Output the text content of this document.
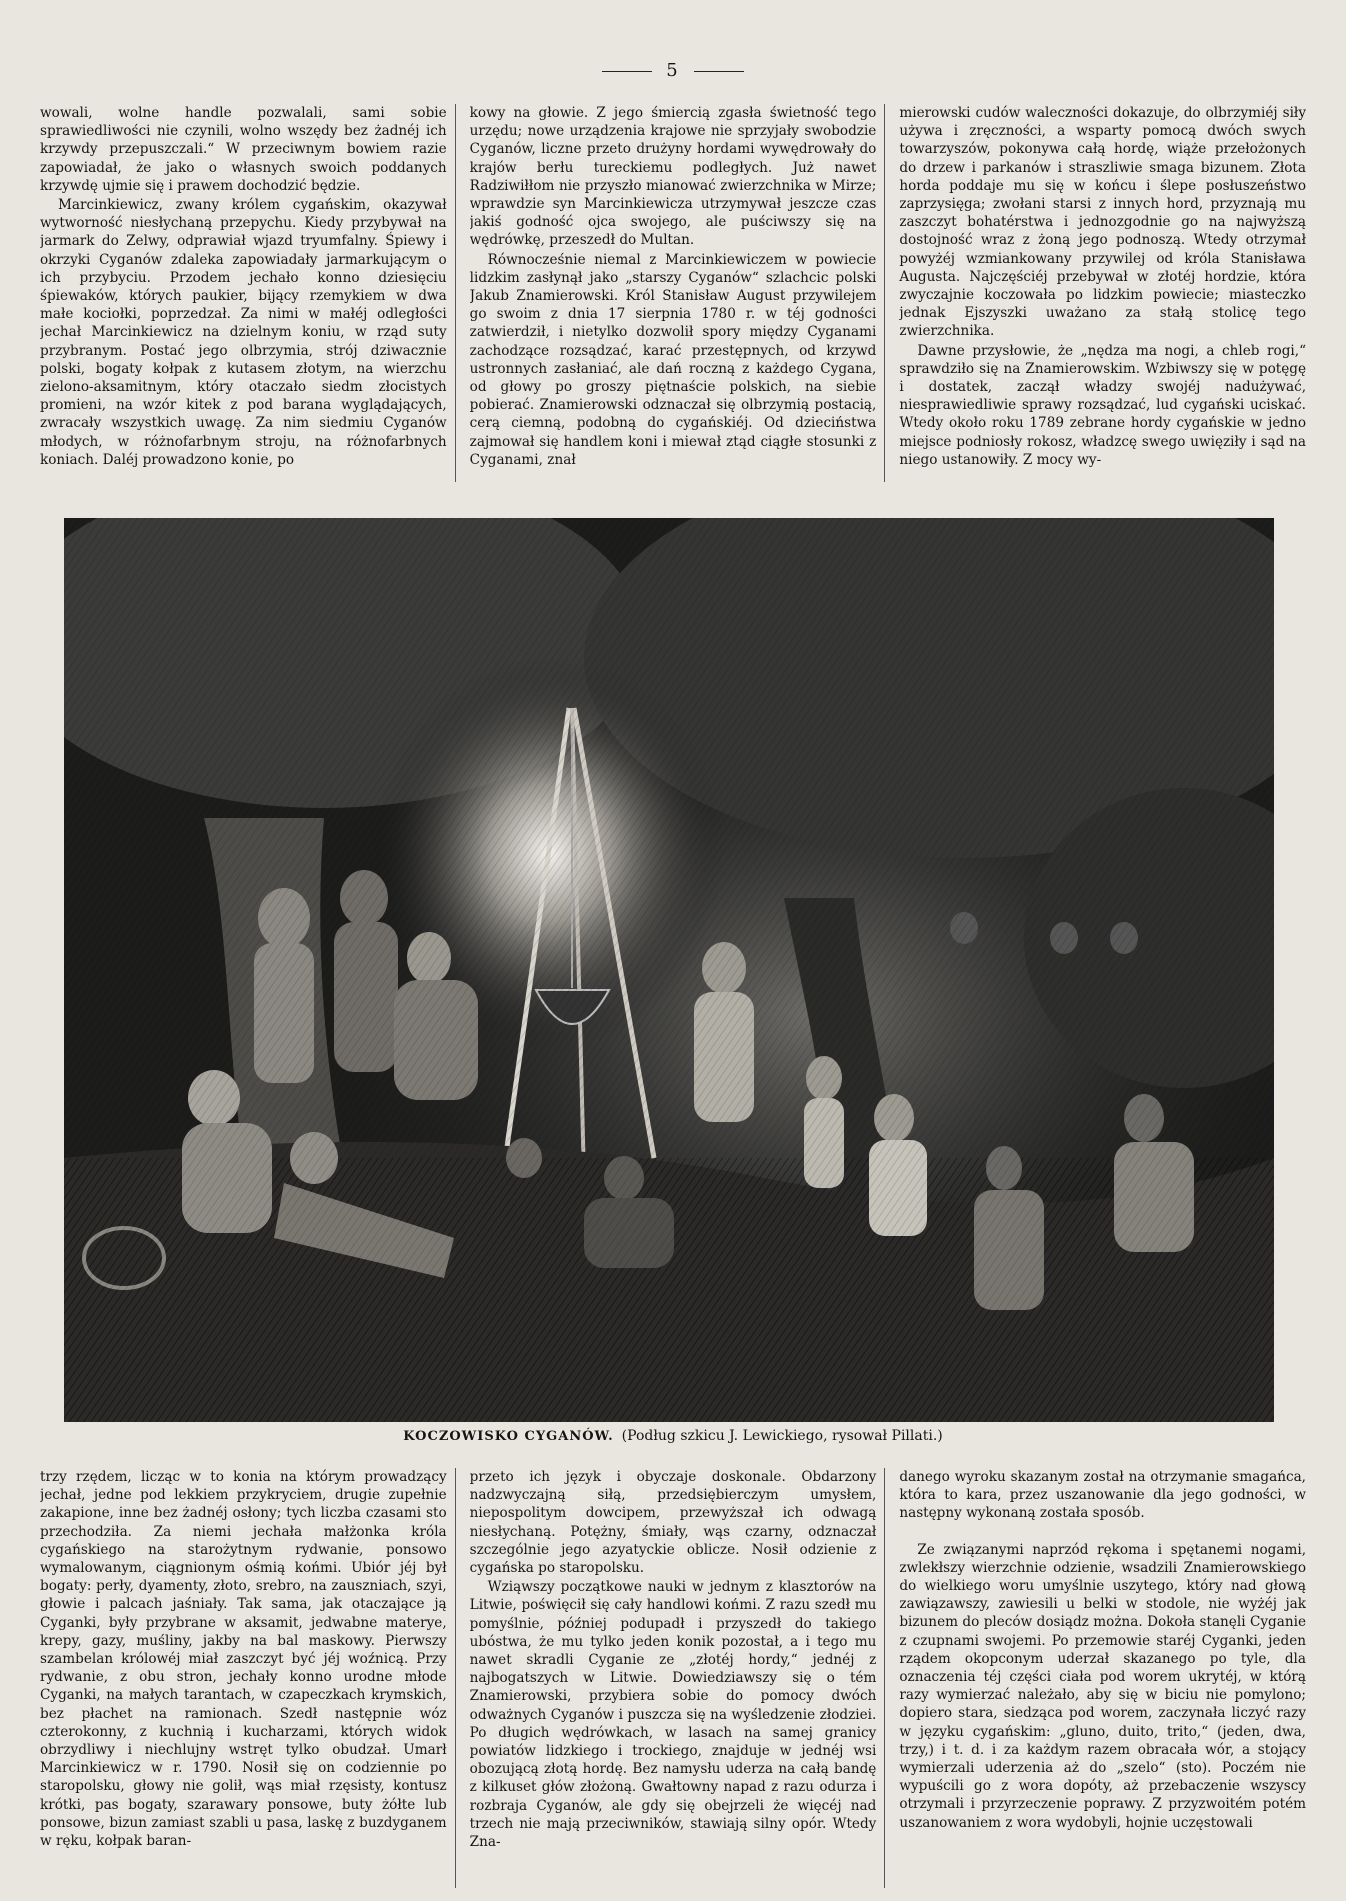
5

wowali, wolne handle pozwalali, sami sobie sprawiedliwości nie czynili, wolno wszędy bez żadnéj ich krzywdy przepuszczali.“ W przeciwnym bowiem razie zapowiadał, że jako o własnych swoich poddanych krzywdę ujmie się i prawem dochodzić będzie.

Marcinkiewicz, zwany królem cygańskim, okazywał wytworność niesłychaną przepychu. Kiedy przybywał na jarmark do Zelwy, odprawiał wjazd tryumfalny. Śpiewy i okrzyki Cyganów zdaleka zapowiadały jarmarkującym o ich przybyciu. Przodem jechało konno dziesięciu śpiewaków, których paukier, bijący rzemykiem w dwa małe kociołki, poprzedzał. Za nimi w małéj odległości jechał Marcinkiewicz na dzielnym koniu, w rząd suty przybranym. Postać jego olbrzymia, strój dziwacznie polski, bogaty kołpak z kutasem złotym, na wierzchu zielono-aksamitnym, który otaczało siedm złocistych promieni, na wzór kitek z pod barana wyglądających, zwracały wszystkich uwagę. Za nim siedmiu Cyganów młodych, w różnofarbnym stroju, na różnofarbnych koniach. Daléj prowadzono konie, po

kowy na głowie. Z jego śmiercią zgasła świetność tego urzędu; nowe urządzenia krajowe nie sprzyjały swobodzie Cyganów, liczne przeto drużyny hordami wywędrowały do krajów berłu tureckiemu podległych. Już nawet Radziwiłłom nie przyszło mianować zwierzchnika w Mirze; wprawdzie syn Marcinkiewicza utrzymywał jeszcze czas jakiś godność ojca swojego, ale puściwszy się na wędrówkę, przeszedł do Multan.

Równocześnie niemal z Marcinkiewiczem w powiecie lidzkim zasłynął jako „starszy Cyganów“ szlachcic polski Jakub Znamierowski. Król Stanisław August przywilejem go swoim z dnia 17 sierpnia 1780 r. w téj godności zatwierdził, i nietylko dozwolił spory między Cyganami zachodzące rozsądzać, karać przestępnych, od krzywd ustronnych zasłaniać, ale dań roczną z każdego Cygana, od głowy po groszy piętnaście polskich, na siebie pobierać. Znamierowski odznaczał się olbrzymią postacią, cerą ciemną, podobną do cygańskiéj. Od dzieciństwa zajmował się handlem koni i miewał ztąd ciągłe stosunki z Cyganami, znał

mierowski cudów waleczności dokazuje, do olbrzymiéj siły używa i zręczności, a wsparty pomocą dwóch swych towarzyszów, pokonywa całą hordę, wiąże przełożonych do drzew i parkanów i straszliwie smaga bizunem. Złota horda poddaje mu się w końcu i ślepe posłuszeństwo zaprzysięga; zwołani starsi z innych hord, przyznają mu zaszczyt bohatérstwa i jednozgodnie go na najwyższą dostojność wraz z żoną jego podnoszą. Wtedy otrzymał powyżéj wzmiankowany przywilej od króla Stanisława Augusta. Najczęściéj przebywał w złotéj hordzie, która zwyczajnie koczowała po lidzkim powiecie; miasteczko jednak Ejszyszki uważano za stałą stolicę tego zwierzchnika.

Dawne przysłowie, że „nędza ma nogi, a chleb rogi,“ sprawdziło się na Znamierowskim. Wzbiwszy się w potęgę i dostatek, zaczął władzy swojéj nadużywać, niesprawiedliwie sprawy rozsądzać, lud cygański uciskać. Wtedy około roku 1789 zebrane hordy cygańskie w jedno miejsce podniosły rokosz, władzcę swego uwięziły i sąd na niego ustanowiły. Z mocy wy-

KOCZOWISKO CYGANÓW. (Podług szkicu J. Lewickiego, rysował Pillati.)

trzy rzędem, licząc w to konia na którym prowadzący jechał, jedne pod lekkiem przykryciem, drugie zupełnie zakapione, inne bez żadnéj osłony; tych liczba czasami sto przechodziła. Za niemi jechała małżonka króla cygańskiego na starożytnym rydwanie, ponsowo wymalowanym, ciągnionym ośmią końmi. Ubiór jéj był bogaty: perły, dyamenty, złoto, srebro, na zauszniach, szyi, głowie i palcach jaśniały. Tak sama, jak otaczające ją Cyganki, były przybrane w aksamit, jedwabne materye, krepy, gazy, muśliny, jakby na bal maskowy. Pierwszy szambelan królowéj miał zaszczyt być jéj woźnicą. Przy rydwanie, z obu stron, jechały konno urodne młode Cyganki, na małych tarantach, w czapeczkach krymskich, bez płachet na ramionach. Szedł następnie wóz czterokonny, z kuchnią i kucharzami, których widok obrzydliwy i niechlujny wstręt tylko obudzał. Umarł Marcinkiewicz w r. 1790. Nosił się on codziennie po staropolsku, głowy nie golił, wąs miał rzęsisty, kontusz krótki, pas bogaty, szarawary ponsowe, buty żółte lub ponsowe, bizun zamiast szabli u pasa, laskę z buzdyganem w ręku, kołpak baran-

przeto ich język i obyczaje doskonale. Obdarzony nadzwyczajną siłą, przedsiębierczym umysłem, niepospolitym dowcipem, przewyższał ich odwagą niesłychaną. Potężny, śmiały, wąs czarny, odznaczał szczególnie jego azyatyckie oblicze. Nosił odzienie z cygańska po staropolsku.

Wziąwszy początkowe nauki w jednym z klasztorów na Litwie, poświęcił się cały handlowi końmi. Z razu szedł mu pomyślnie, później podupadł i przyszedł do takiego ubóstwa, że mu tylko jeden konik pozostał, a i tego mu nawet skradli Cyganie ze „złotéj hordy,“ jednéj z najbogatszych w Litwie. Dowiedziawszy się o tém Znamierowski, przybiera sobie do pomocy dwóch odważnych Cyganów i puszcza się na wyśledzenie złodziei. Po długich wędrówkach, w lasach na samej granicy powiatów lidzkiego i trockiego, znajduje w jednéj wsi obozującą złotą hordę. Bez namysłu uderza na całą bandę z kilkuset głów złożoną. Gwałtowny napad z razu odurza i rozbraja Cyganów, ale gdy się obejrzeli że więcéj nad trzech nie mają przeciwników, stawiają silny opór. Wtedy Zna-

danego wyroku skazanym został na otrzymanie smagańca, która to kara, przez uszanowanie dla jego godności, w następny wykonaną została sposób.

Ze związanymi naprzód rękoma i spętanemi nogami, zwlekłszy wierzchnie odzienie, wsadzili Znamierowskiego do wielkiego woru umyślnie uszytego, który nad głową zawiązawszy, zawiesili u belki w stodole, nie wyżéj jak bizunem do pleców dosiądz można. Dokoła stanęli Cyganie z czupnami swojemi. Po przemowie staréj Cyganki, jeden rządem okopconym uderzał skazanego po tyle, dla oznaczenia téj części ciała pod worem ukrytéj, w którą razy wymierzać należało, aby się w biciu nie pomylono; dopiero stara, siedząca pod worem, zaczynała liczyć razy w języku cygańskim: „gluno, duito, trito,“ (jeden, dwa, trzy,) i t. d. i za każdym razem obracała wór, a stojący wymierzali uderzenia aż do „szelo“ (sto). Poczém nie wypuścili go z wora dopóty, aż przebaczenie wszyscy otrzymali i przyrzeczenie poprawy. Z przyzwoitém potém uszanowaniem z wora wydobyli, hojnie uczęstowali
